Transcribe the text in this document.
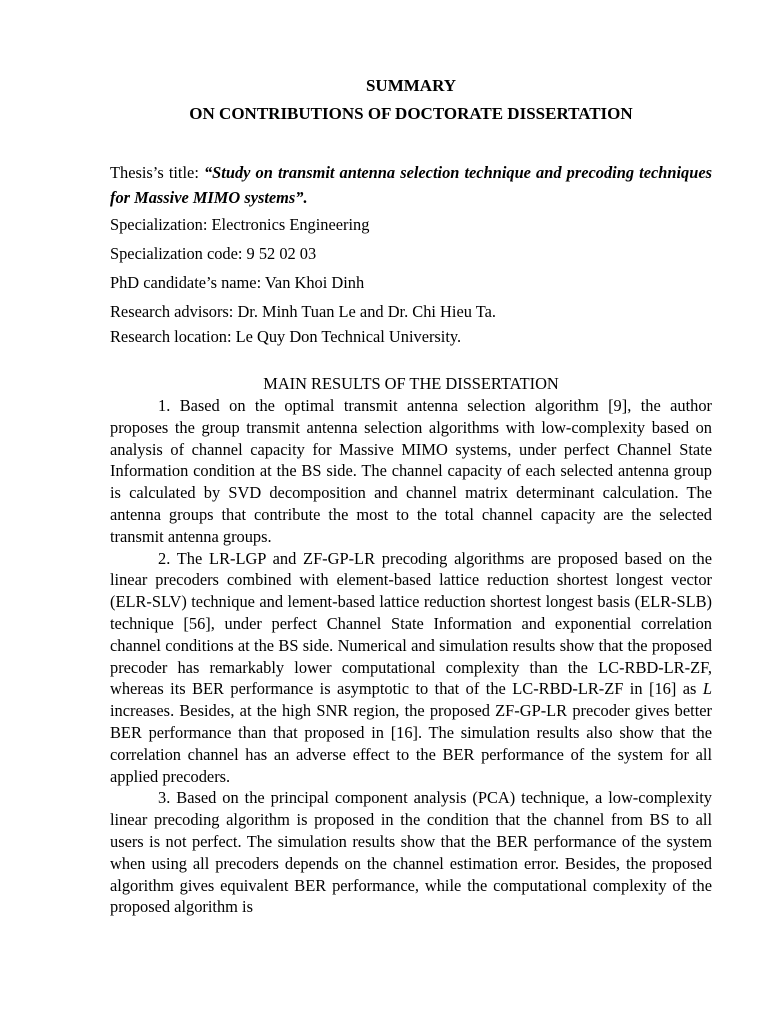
SUMMARY

ON CONTRIBUTIONS OF DOCTORATE DISSERTATION

Thesis’s title: “Study on transmit antenna selection technique and precoding techniques for Massive MIMO systems”.

Specialization: Electronics Engineering

Specialization code: 9 52 02 03

PhD candidate’s name: Van Khoi Dinh

Research advisors: Dr. Minh Tuan Le and Dr. Chi Hieu Ta.

Research location: Le Quy Don Technical University.

MAIN RESULTS OF THE DISSERTATION

1. Based on the optimal transmit antenna selection algorithm [9], the author proposes the group transmit antenna selection algorithms with low-complexity based on analysis of channel capacity for Massive MIMO systems, under perfect Channel State Information condition at the BS side. The channel capacity of each selected antenna group is calculated by SVD decomposition and channel matrix determinant calculation. The antenna groups that contribute the most to the total channel capacity are the selected transmit antenna groups.

2. The LR-LGP and ZF-GP-LR precoding algorithms are proposed based on the linear precoders combined with element-based lattice reduction shortest longest vector (ELR-SLV) technique and lement-based lattice reduction shortest longest basis (ELR-SLB) technique [56], under perfect Channel State Information and exponential correlation channel conditions at the BS side. Numerical and simulation results show that the proposed precoder has remarkably lower computational complexity than the LC-RBD-LR-ZF, whereas its BER performance is asymptotic to that of the LC-RBD-LR-ZF in [16] as L increases. Besides, at the high SNR region, the proposed ZF-GP-LR precoder gives better BER performance than that proposed in [16]. The simulation results also show that the correlation channel has an adverse effect to the BER performance of the system for all applied precoders.

3. Based on the principal component analysis (PCA) technique, a low-complexity linear precoding algorithm is proposed in the condition that the channel from BS to all users is not perfect. The simulation results show that the BER performance of the system when using all precoders depends on the channel estimation error. Besides, the proposed algorithm gives equivalent BER performance, while the computational complexity of the proposed algorithm is
